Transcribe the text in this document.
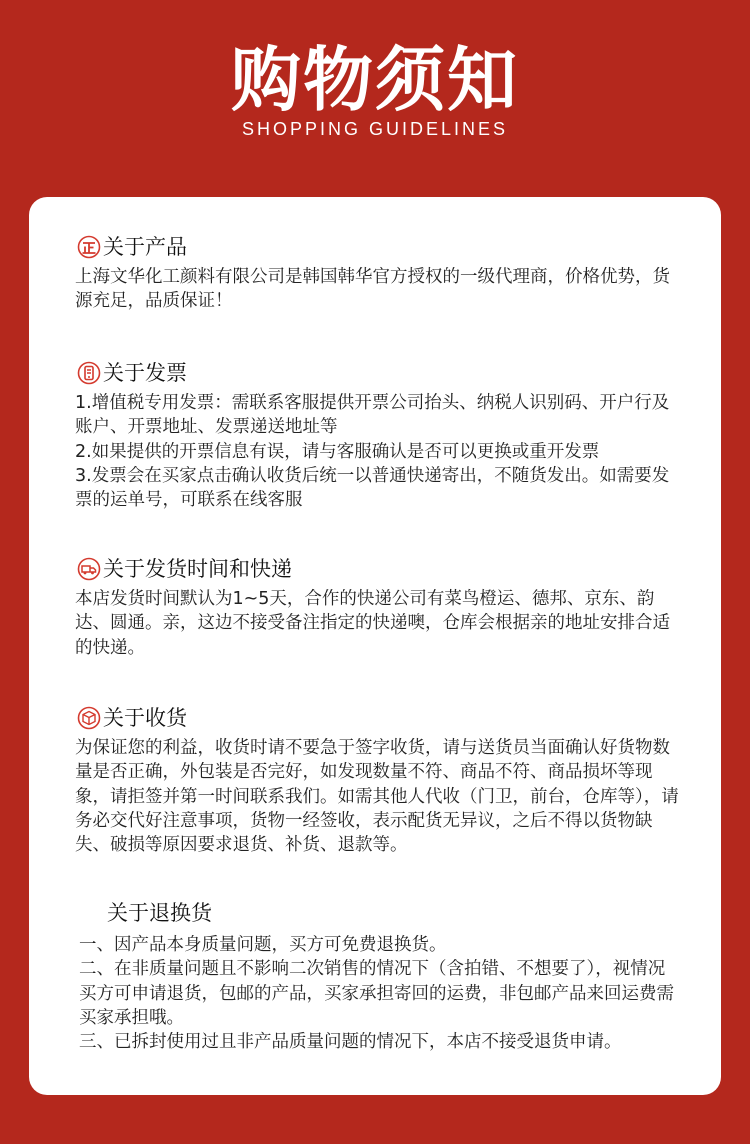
购物须知
SHOPPING GUIDELINES
关于产品

上海文华化工颜料有限公司是韩国韩华官方授权的一级代理商，价格优势，货源充足，品质保证！

关于发票

1.增值税专用发票：需联系客服提供开票公司抬头、纳税人识别码、开户行及账户、开票地址、发票递送地址等

2.如果提供的开票信息有误，请与客服确认是否可以更换或重开发票

3.发票会在买家点击确认收货后统一以普通快递寄出，不随货发出。如需要发票的运单号，可联系在线客服

关于发货时间和快递

本店发货时间默认为1~5天，合作的快递公司有菜鸟橙运、德邦、京东、韵达、圆通。亲，这边不接受备注指定的快递噢，仓库会根据亲的地址安排合适的快递。

关于收货

为保证您的利益，收货时请不要急于签字收货，请与送货员当面确认好货物数量是否正确，外包装是否完好，如发现数量不符、商品不符、商品损坏等现象，请拒签并第一时间联系我们。如需其他人代收（门卫，前台，仓库等），请务必交代好注意事项，货物一经签收，表示配货无异议，之后不得以货物缺失、破损等原因要求退货、补货、退款等。

关于退换货

一、因产品本身质量问题，买方可免费退换货。

二、在非质量问题且不影响二次销售的情况下（含拍错、不想要了），视情况买方可申请退货，包邮的产品，买家承担寄回的运费，非包邮产品来回运费需买家承担哦。

三、已拆封使用过且非产品质量问题的情况下，本店不接受退货申请。
